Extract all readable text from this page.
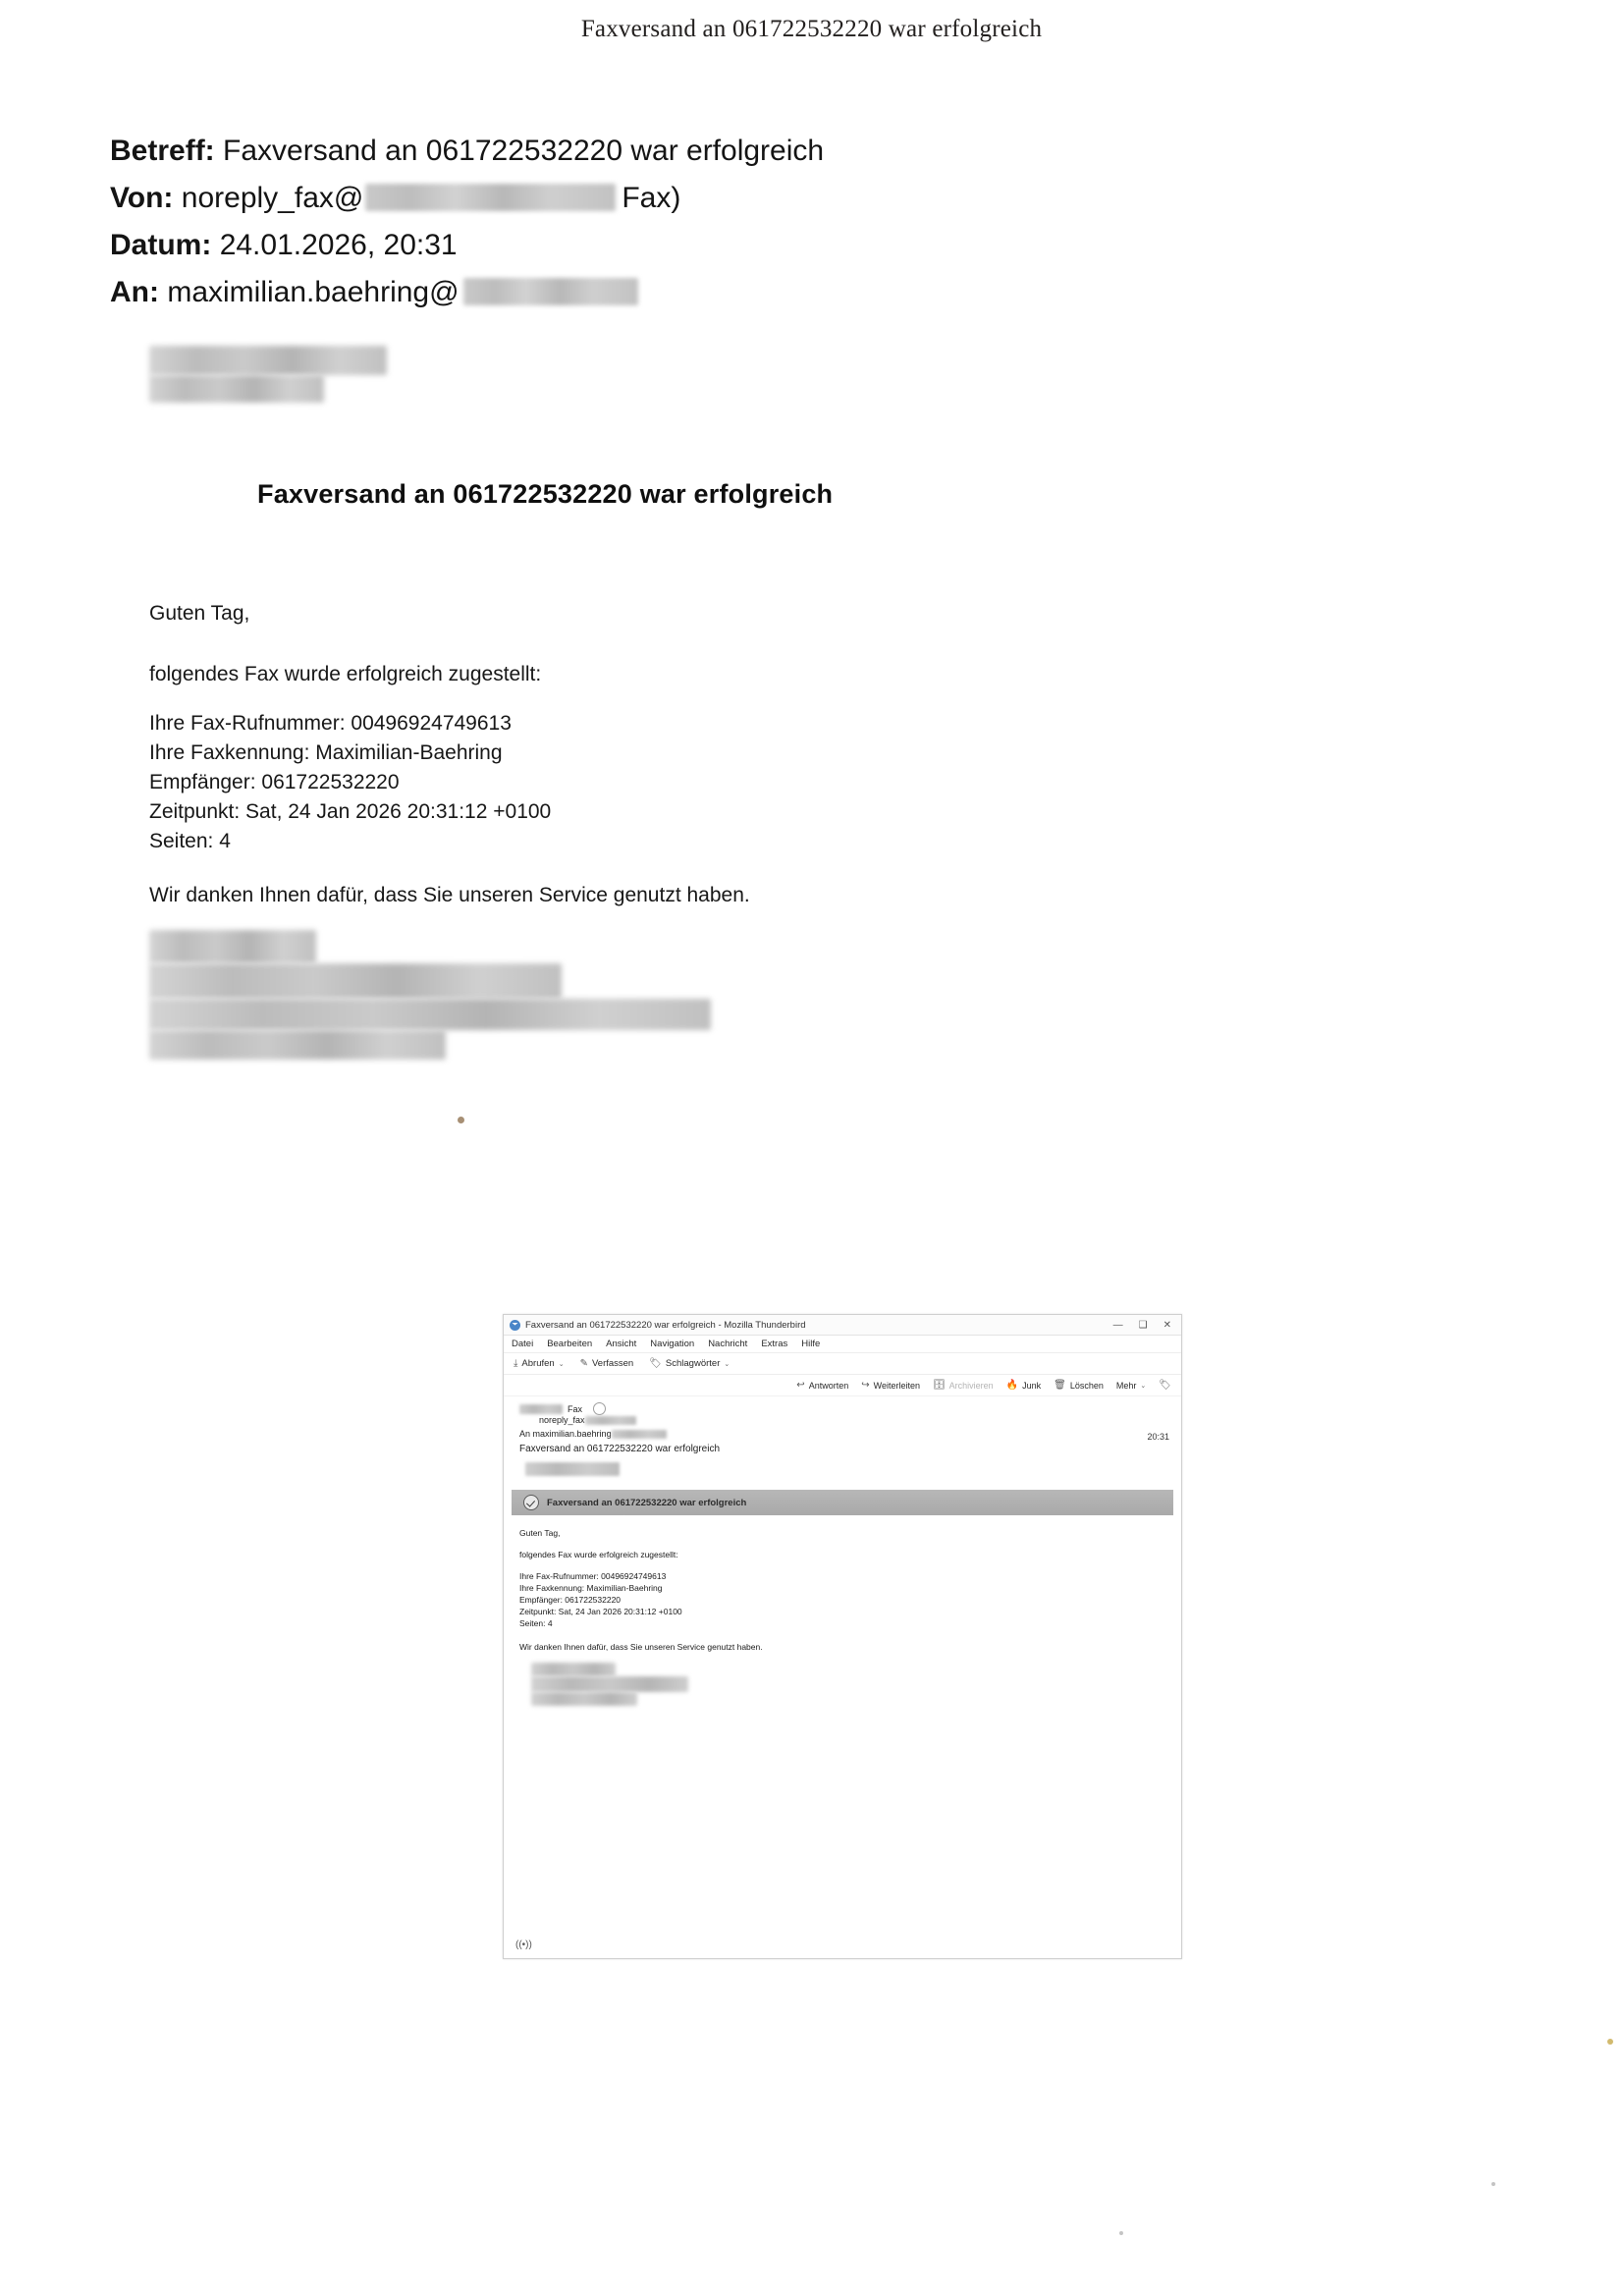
Faxversand an 061722532220 war erfolgreich
Betreff: Faxversand an 061722532220 war erfolgreich
Von: noreply_fax@	Fax)
Datum: 24.01.2026, 20:31
An: maximilian.baehring@
Faxversand an 061722532220 war erfolgreich
Guten Tag,
folgendes Fax wurde erfolgreich zugestellt:
Ihre Fax-Rufnummer: 00496924749613
Ihre Faxkennung: Maximilian-Baehring
Empfänger: 061722532220
Zeitpunkt: Sat, 24 Jan 2026 20:31:12 +0100
Seiten: 4
Wir danken Ihnen dafür, dass Sie unseren Service genutzt haben.
Faxversand an 061722532220 war erfolgreich - Mozilla Thunderbird	— ❑ ✕
Datei Bearbeiten Ansicht Navigation Nachricht Extras Hilfe
⤓ Abrufen ⌄ ✎ Verfassen 🏷 Schlagwörter ⌄
↩ Antworten ↪ Weiterleiten 🗄 Archivieren 🔥 Junk 🗑 Löschen Mehr ⌄ 🏷
Fax
noreply_fax
An maximilian.baehring	20:31
Faxversand an 061722532220 war erfolgreich
Faxversand an 061722532220 war erfolgreich

Guten Tag,

folgendes Fax wurde erfolgreich zugestellt:

Ihre Fax-Rufnummer: 00496924749613
Ihre Faxkennung: Maximilian-Baehring
Empfänger: 061722532220
Zeitpunkt: Sat, 24 Jan 2026 20:31:12 +0100
Seiten: 4

Wir danken Ihnen dafür, dass Sie unseren Service genutzt haben.

((•))
